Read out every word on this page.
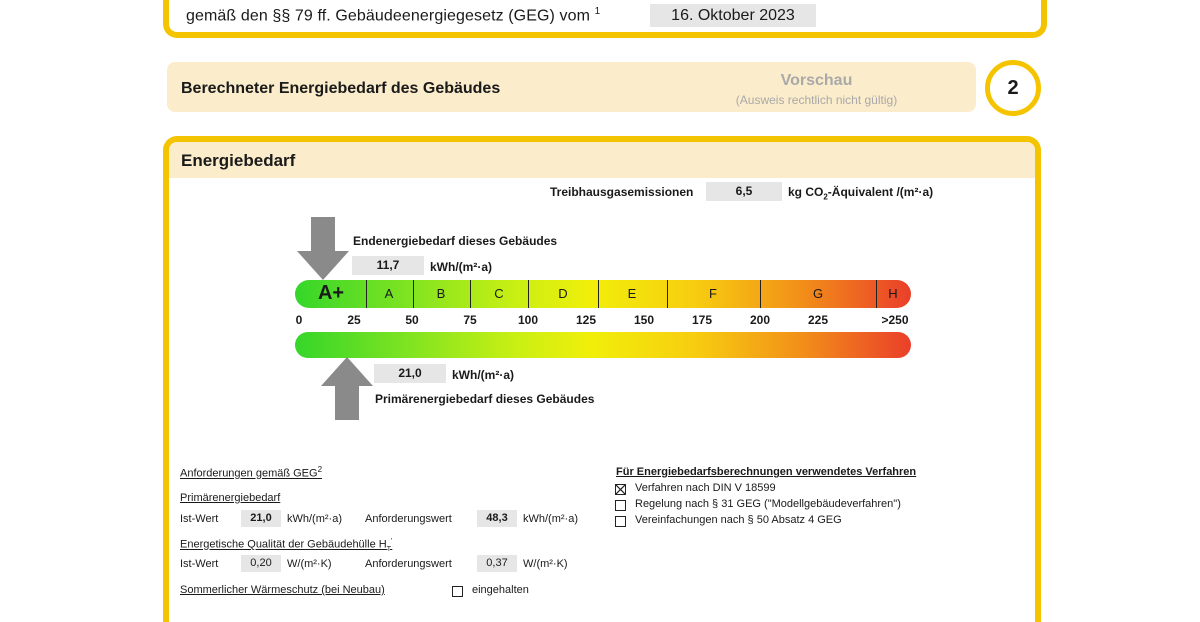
gemäß den §§ 79 ff. Gebäudeenergiegesetz (GEG) vom $^1$	16. Oktober 2023
Berechneter Energiebedarf des Gebäudes	Vorschau
(Ausweis rechtlich nicht gültig)
2
Energiebedarf
Treibhausgasemissionen	6,5	kg $CO_2$-Äquivalent /(m²·a)
Endenergiebedarf dieses Gebäudes
11,7	kWh/(m²·a)
A+	A	B	C	D	E	F	G	H
0	25	50	75	100	125	150	175	200	225	>250
21,0	kWh/(m²·a)
Primärenergiebedarf dieses Gebäudes
Anforderungen gemäß GEG$^2$
Primärenergiebedarf
Ist-Wert	21,0	kWh/(m²·a) Anforderungswert	48,3	kWh/(m²·a)
Energetische Qualität der Gebäudehülle $H_T'$
Ist-Wert	0,20	W/(m²·K)	Anforderungswert	0,37	W/(m²·K)
Sommerlicher Wärmeschutz (bei Neubau)	eingehalten
Für Energiebedarfsberechnungen verwendetes Verfahren
Verfahren nach DIN V 18599
Regelung nach § 31 GEG ("Modellgebäudeverfahren")
Vereinfachungen nach § 50 Absatz 4 GEG
